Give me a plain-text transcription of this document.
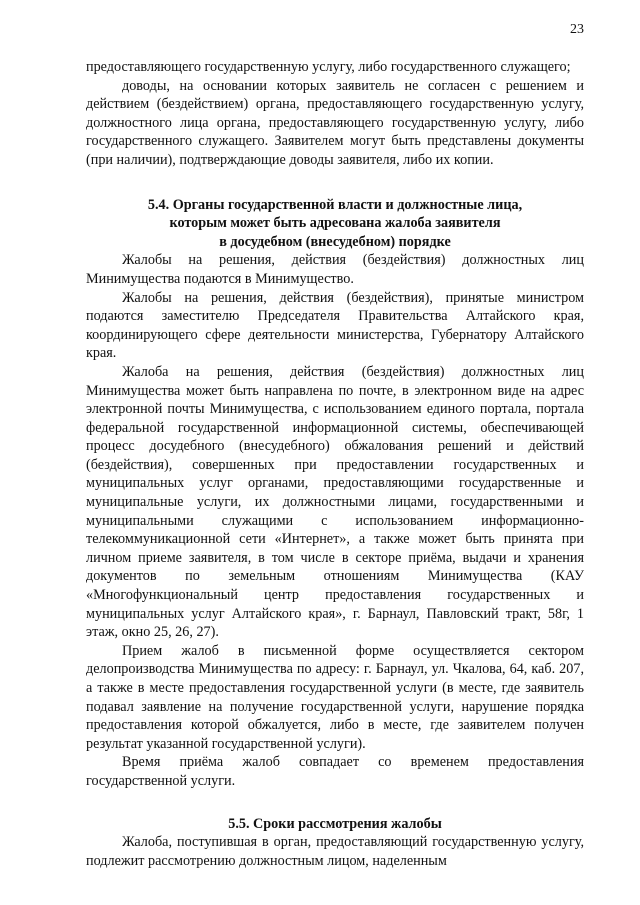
23

предоставляющего государственную услугу, либо государственного служащего;

доводы, на основании которых заявитель не согласен с решением и действием (бездействием) органа, предоставляющего государственную услугу, должностного лица органа, предоставляющего государственную услугу, либо государственного служащего. Заявителем могут быть представлены документы (при наличии), подтверждающие доводы заявителя, либо их копии.

5.4. Органы государственной власти и должностные лица,
которым может быть адресована жалоба заявителя
в досудебном (внесудебном) порядке

Жалобы на решения, действия (бездействия) должностных лиц Минимущества подаются в Минимущество.

Жалобы на решения, действия (бездействия), принятые министром подаются заместителю Председателя Правительства Алтайского края, координирующего сфере деятельности министерства, Губернатору Алтайского края.

Жалоба на решения, действия (бездействия) должностных лиц Минимущества может быть направлена по почте, в электронном виде на адрес электронной почты Минимущества, с использованием единого портала, портала федеральной государственной информационной системы, обеспечивающей процесс досудебного (внесудебного) обжалования решений и действий (бездействия), совершенных при предоставлении государственных и муниципальных услуг органами, предоставляющими государственные и муниципальные услуги, их должностными лицами, государственными и муниципальными служащими с использованием информационно-телекоммуникационной сети «Интернет», а также может быть принята при личном приеме заявителя, в том числе в секторе приёма, выдачи и хранения документов по земельным отношениям Минимущества (КАУ «Многофункциональный центр предоставления государственных и муниципальных услуг Алтайского края», г. Барнаул, Павловский тракт, 58г, 1 этаж, окно 25, 26, 27).

Прием жалоб в письменной форме осуществляется сектором делопроизводства Минимущества по адресу: г. Барнаул, ул. Чкалова, 64, каб. 207, а также в месте предоставления государственной услуги (в месте, где заявитель подавал заявление на получение государственной услуги, нарушение порядка предоставления которой обжалуется, либо в месте, где заявителем получен результат указанной государственной услуги).

Время приёма жалоб совпадает со временем предоставления государственной услуги.

5.5. Сроки рассмотрения жалобы

Жалоба, поступившая в орган, предоставляющий государственную услугу, подлежит рассмотрению должностным лицом, наделенным
